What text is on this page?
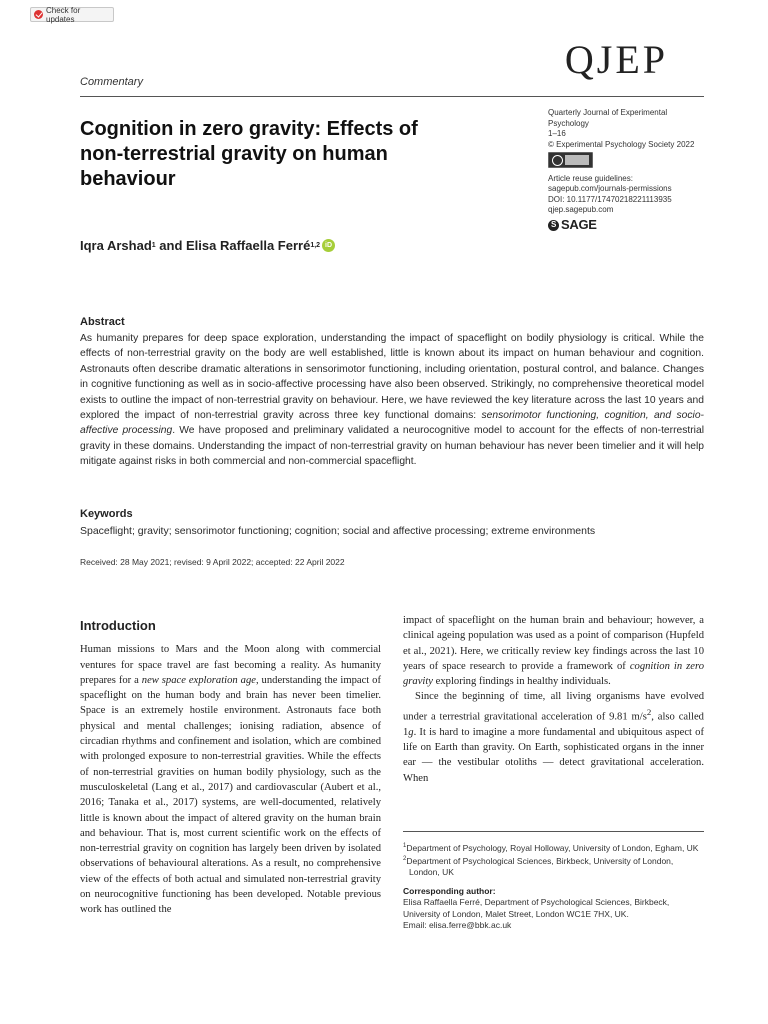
Check for updates
Commentary	QJEP
Cognition in zero gravity: Effects of non-terrestrial gravity on human behaviour
Quarterly Journal of Experimental
Psychology
1–16
© Experimental Psychology Society 2022
Article reuse guidelines:
sagepub.com/journals-permissions
DOI: 10.1177/17470218221113935
qjep.sagepub.com
S SAGE
Iqra Arshad 1 and Elisa Raffaella Ferré 1,2 iD
Abstract

As humanity prepares for deep space exploration, understanding the impact of spaceflight on bodily physiology is critical. While the effects of non-terrestrial gravity on the body are well established, little is known about its impact on human behaviour and cognition. Astronauts often describe dramatic alterations in sensorimotor functioning, including orientation, postural control, and balance. Changes in cognitive functioning as well as in socio-affective processing have also been observed. Strikingly, no comprehensive theoretical model exists to outline the impact of non-terrestrial gravity on behaviour. Here, we have reviewed the key literature across the last 10 years and explored the impact of non-terrestrial gravity across three key functional domains: sensorimotor functioning, cognition, and socio-affective processing. We have proposed and preliminary validated a neurocognitive model to account for the effects of non-terrestrial gravity in these domains. Understanding the impact of non-terrestrial gravity on human behaviour has never been timelier and it will help mitigate against risks in both commercial and non-commercial spaceflight.

Keywords
Spaceflight; gravity; sensorimotor functioning; cognition; social and affective processing; extreme environments
Received: 28 May 2021; revised: 9 April 2022; accepted: 22 April 2022
Introduction

Human missions to Mars and the Moon along with commercial ventures for space travel are fast becoming a reality. As humanity prepares for a new space exploration age, understanding the impact of spaceflight on the human body and brain has never been timelier. Space is an extremely hostile environment. Astronauts face both physical and mental challenges; ionising radiation, absence of circadian rhythms and confinement and isolation, which are combined with prolonged exposure to non-terrestrial gravities. While the effects of non-terrestrial gravities on human bodily physiology, such as the musculoskeletal (Lang et al., 2017) and cardiovascular (Aubert et al., 2016; Tanaka et al., 2017) systems, are well-documented, relatively little is known about the impact of altered gravity on the human brain and behaviour. That is, most current scientific work on the effects of non-terrestrial gravity on cognition has largely been driven by isolated observations of behavioural alterations. As a result, no comprehensive view of the effects of both actual and simulated non-terrestrial gravity on neurocognitive functioning has been developed. Notable previous work has outlined the

impact of spaceflight on the human brain and behaviour; however, a clinical ageing population was used as a point of comparison (Hupfeld et al., 2021). Here, we critically review key findings across the last 10 years of space research to provide a framework of cognition in zero gravity exploring findings in healthy individuals.

Since the beginning of time, all living organisms have evolved under a terrestrial gravitational acceleration of 9.81 $m/s^2$, also called 1g. It is hard to imagine a more fundamental and ubiquitous aspect of life on Earth than gravity. On Earth, sophisticated organs in the inner ear — the vestibular otoliths — detect gravitational acceleration. When

$^1$Department of Psychology, Royal Holloway, University of London, Egham, UK
$^2$Department of Psychological Sciences, Birkbeck, University of London, London, UK
Corresponding author:
Elisa Raffaella Ferré, Department of Psychological Sciences, Birkbeck, University of London, Malet Street, London WC1E 7HX, UK.
Email: elisa.ferre@bbk.ac.uk
